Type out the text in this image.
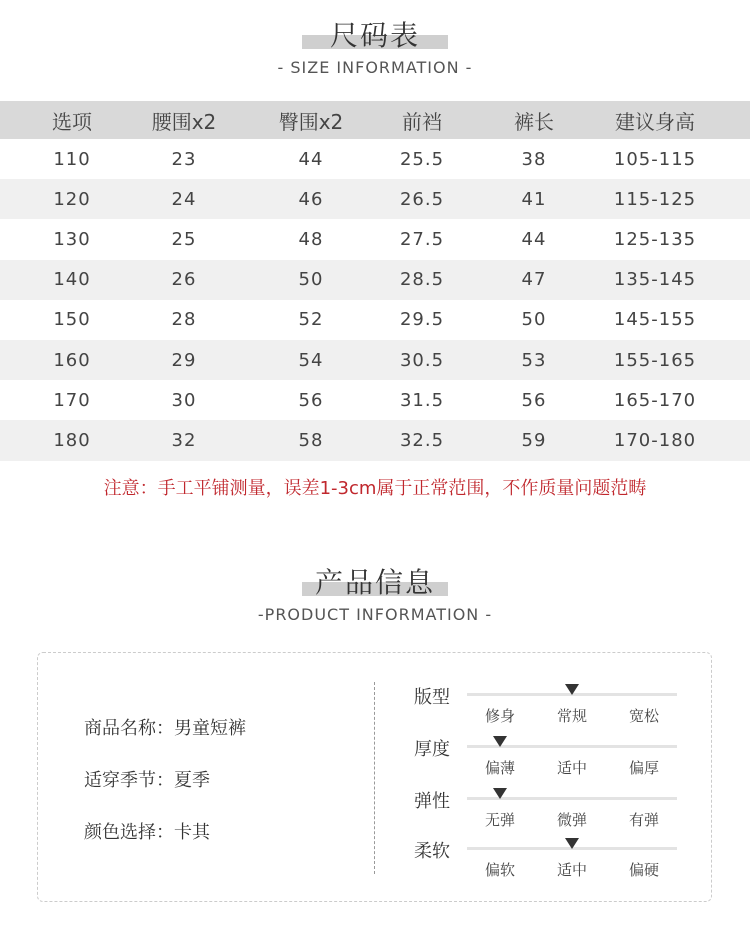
尺码表
- SIZE INFORMATION -
选项	腰围x2	臀围x2	前裆	裤长	建议身高
110	23	44	25.5	38	105-115
120	24	46	26.5	41	115-125
130	25	48	27.5	44	125-135
140	26	50	28.5	47	135-145
150	28	52	29.5	50	145-155
160	29	54	30.5	53	155-165
170	30	56	31.5	56	165-170
180	32	58	32.5	59	170-180
注意：手工平铺测量，误差1-3cm属于正常范围，不作质量问题范畴
产品信息
-PRODUCT INFORMATION -
商品名称：男童短裤
适穿季节：夏季
颜色选择：卡其
版型
修身	常规	宽松
厚度
偏薄	适中	偏厚
弹性
无弹	微弹	有弹
柔软
偏软	适中	偏硬
